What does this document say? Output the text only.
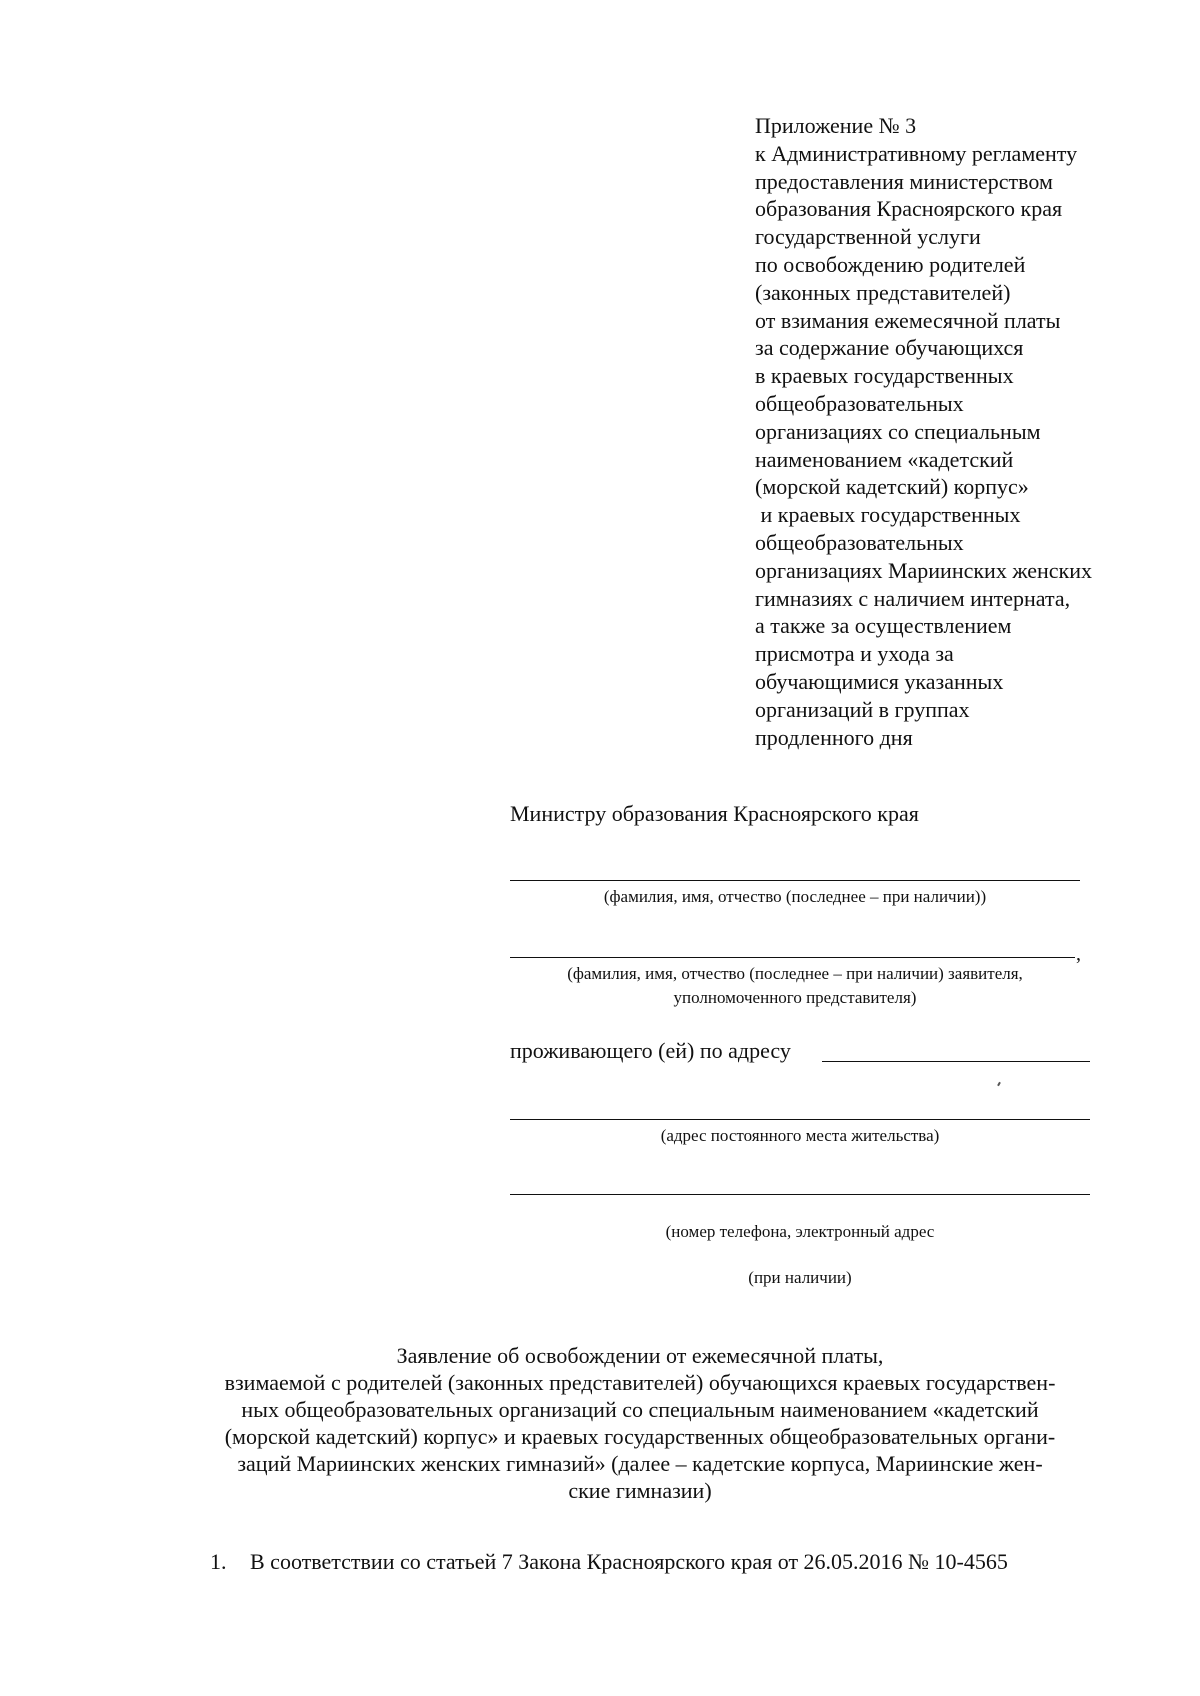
Приложение № 3
к Административному регламенту
предоставления министерством
образования Красноярского края
государственной услуги
по освобождению родителей
(законных представителей)
от взимания ежемесячной платы
за содержание обучающихся
в краевых государственных
общеобразовательных
организациях со специальным
наименованием «кадетский
(морской кадетский) корпус»
и краевых государственных
общеобразовательных
организациях Мариинских женских
гимназиях с наличием интерната,
а также за осуществлением
присмотра и ухода за
обучающимися указанных
организаций в группах
продленного дня
Министру образования Красноярского края
(фамилия, имя, отчество (последнее – при наличии))
,
(фамилия, имя, отчество (последнее – при наличии) заявителя,
уполномоченного представителя)
проживающего (ей) по адресу
(адрес постоянного места жительства)
(номер телефона, электронный адрес
(при наличии)
Заявление об освобождении от ежемесячной платы,
взимаемой с родителей (законных представителей) обучающихся краевых государствен-
ных общеобразовательных организаций со специальным наименованием «кадетский
(морской кадетский) корпус» и краевых государственных общеобразовательных органи-
заций Мариинских женских гимназий» (далее – кадетские корпуса, Мариинские жен-
ские гимназии)
1. В соответствии со статьей 7 Закона Красноярского края от 26.05.2016 № 10-4565
